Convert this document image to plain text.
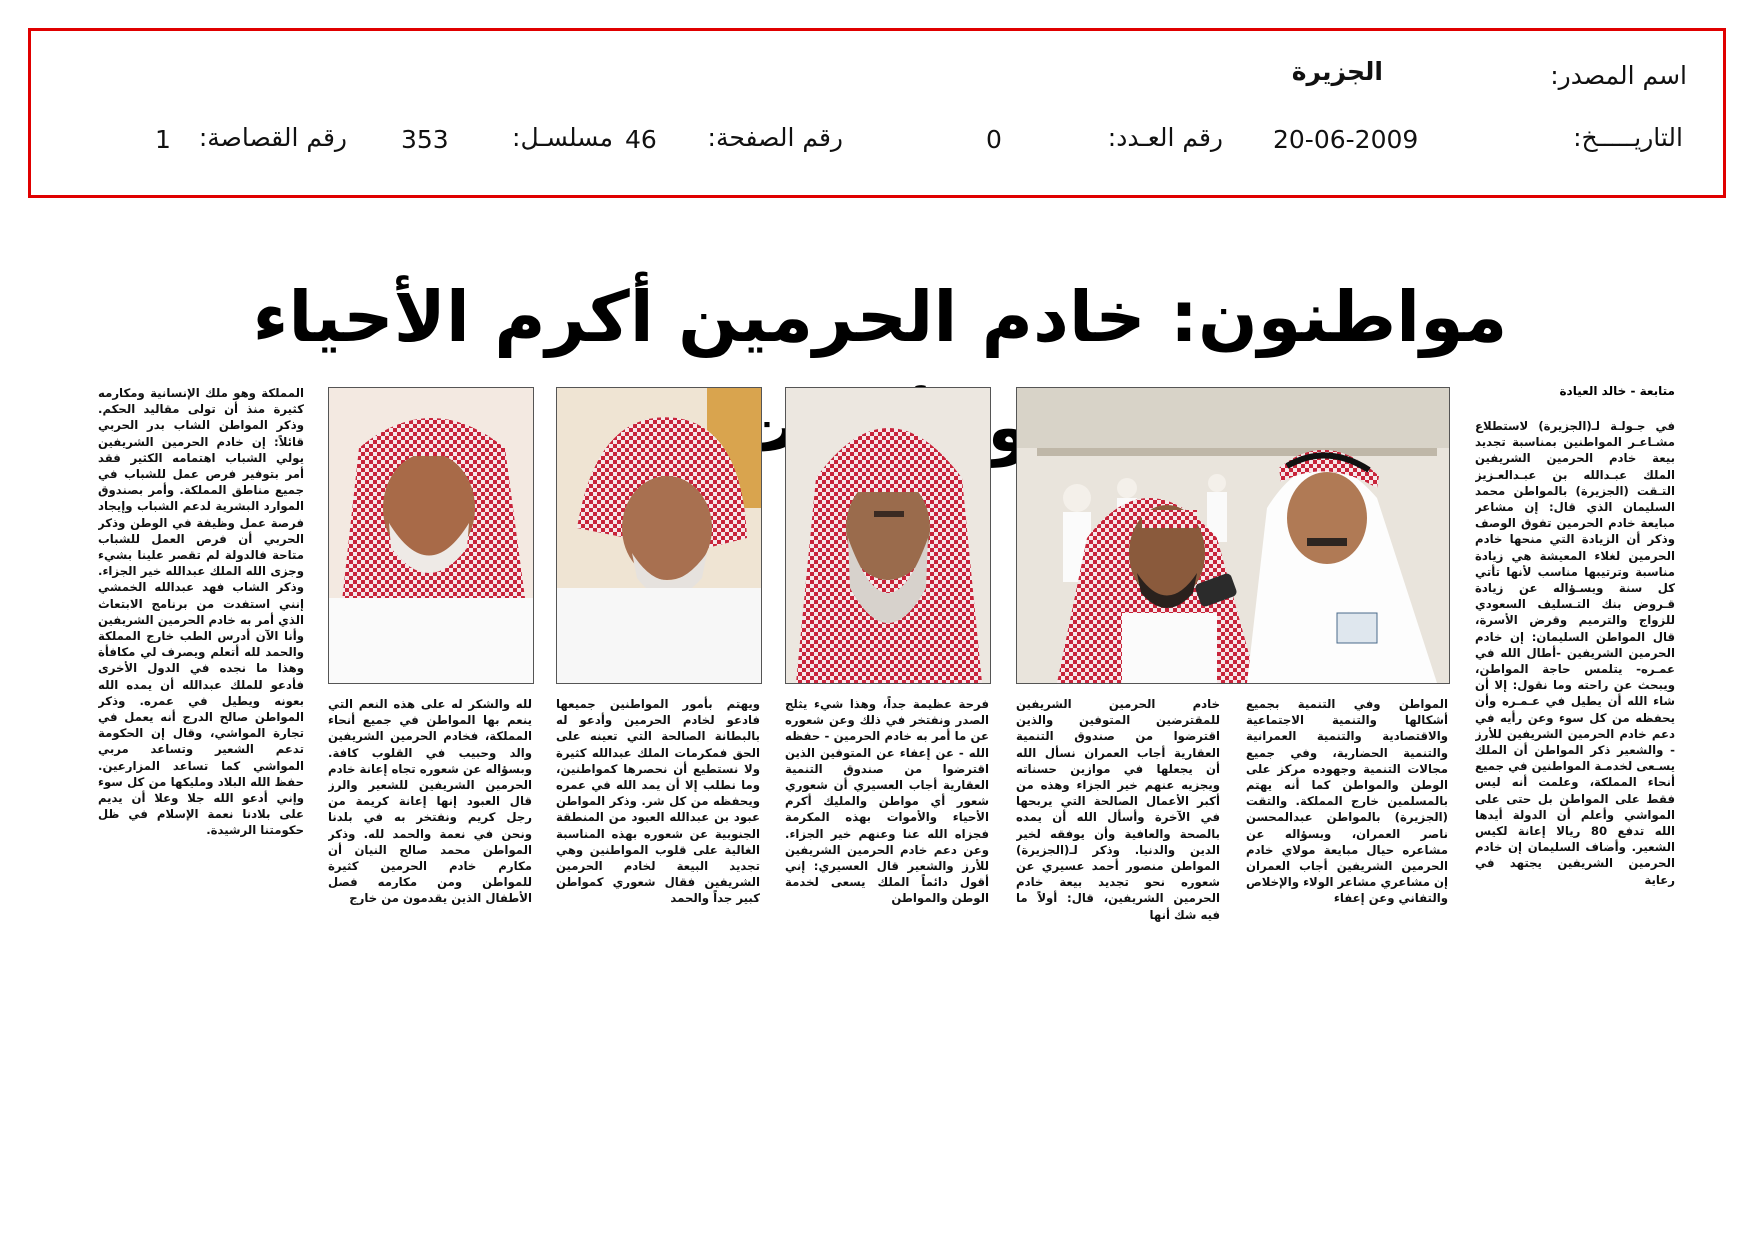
اسم المصدر:
الجزيرة
التاريـــــخ:
20-06-2009
رقم العـدد:
0
رقم الصفحة:
46
مسلسـل:
353
رقم القصاصة:
1
مواطنون: خادم الحرمين أكرم الأحياء
متابعة - خالد العيادة

في جـولـة لـ(الجزيرة) لاستطلاع مشـاعـر المواطنين بمناسبة تجديد بيعة خادم الحرمين الشريفين الملك عبـدالله بن عبـدالعـزيز التـقت (الجزيرة) بالمواطن محمد السليمان الذي قال: إن مشاعر مبايعة خادم الحرمين تفوق الوصف وذكر أن الزيادة التي منحها خادم الحرمين لغلاء المعيشة هي زيادة مناسبة وترتيبها مناسب لأنها تأتي كل سنة ويسـؤاله عن زيادة قـروض بنك التـسليف السعودي للزواج والترميم وقرض الأسرة، قال المواطن السليمان: إن خادم الحرمين الشريفين -أطال الله في عمـره- يتلمس حاجة المواطن، ويبحث عن راحته وما نقول: إلا أن شاء الله أن يطيل في عـمـره وأن يحفظه من كل سوء وعن رأيه في دعم خادم الحرمين الشريفين للأرز - والشعير ذكر المواطن أن الملك يسـعى لخدمـة المواطنين في جميع أنحاء المملكة، وعلمت أنه ليس فقط على المواطن بل حتى على المواشي وأعلم أن الدولة أيدها الله تدفع 80 ريالا إعانة لكيس الشعير. وأضاف السليمان إن خادم الحرمين الشريفين يجتهد في رعاية

المواطن وفي التنمية بجميع أشكالها والتنمية الاجتماعية والاقتصادية والتنمية العمرانية والتنمية الحضارية، وفي جميع مجالات التنمية وجهوده مركز على الوطن والمواطن كما أنه يهتم بالمسلمين خارج المملكة. والتقت (الجزيرة) بالمواطن عبدالمحسن ناصر العمران، وبسؤاله عن مشاعره حيال مبايعة مولاي خادم الحرمين الشريفين أجاب العمران إن مشاعري مشاعر الولاء والإخلاص والتفاني وعن إعفاء

خادم الحرمين الشريفين للمقترضين المتوفين والذين اقترضوا من صندوق التنمية العقارية أجاب العمران نسأل الله أن يجعلها في موازين حسناته ويجزيه عنهم خير الجزاء وهذه من أكبر الأعمال الصالحة التي يربحها في الآخرة وأسأل الله أن يمده بالصحة والعافية وأن يوفقه لخير الدين والدنيا. وذكر لـ(الجزيرة) المواطن منصور أحمد عسيري عن شعوره نحو تجديد بيعة خادم الحرمين الشريفين، قال: أولاً ما فيه شك أنها

فرحة عظيمة جداً، وهذا شيء يثلج الصدر ونفتخر في ذلك وعن شعوره عن ما أمر به خادم الحرمين - حفظه الله - عن إعفاء عن المتوفين الذين اقترضوا من صندوق التنمية العقارية أجاب العسيري أن شعوري شعور أي مواطن والمليك أكرم الأحياء والأموات بهذه المكرمة فجزاه الله عنا وعنهم خير الجزاء. وعن دعم خادم الحرمين الشريفين للأرز والشعير قال العسيري: إني أقول دائماً الملك يسعى لخدمة الوطن والمواطن

ويهتم بأمور المواطنين جميعها فادعو لخادم الحرمين وأدعو له بالبطانة الصالحة التي تعينه على الحق فمكرمات الملك عبدالله كثيرة ولا نستطيع أن نحصرها كمواطنين، وما نطلب إلا أن يمد الله في عمره ويحفظه من كل شر. وذكر المواطن عبود بن عبدالله العبود من المنطقة الجنوبية عن شعوره بهذه المناسبة الغالية على قلوب المواطنين وهي تجديد البيعة لخادم الحرمين الشريفين فقال شعوري كمواطن كبير جداً والحمد

لله والشكر له على هذه النعم التي ينعم بها المواطن في جميع أنحاء المملكة، فخادم الحرمين الشريفين والد وحبيب في القلوب كافة. وبسؤاله عن شعوره تجاه إعانة خادم الحرمين الشريفين للشعير والرز قال العبود إنها إعانة كريمة من رجل كريم ونفتخر به في بلدنا ونحن في نعمة والحمد لله. وذكر المواطن محمد صالح النيان أن مكارم خادم الحرمين كثيرة للمواطن ومن مكارمه فصل الأطفال الذين يقدمون من خارج

المملكة وهو ملك الإنسانية ومكارمه كثيرة منذ أن تولى مقاليد الحكم. وذكر المواطن الشاب بدر الحربي قائلاً: إن خادم الحرمين الشريفين يولي الشباب اهتمامه الكثير فقد أمر بتوفير فرص عمل للشباب في جميع مناطق المملكة. وأمر بصندوق الموارد البشرية لدعم الشباب وإيجاد فرصة عمل وظيفة في الوطن وذكر الحربي أن فرص العمل للشباب متاحة فالدولة لم تقصر علينا بشيء وجزى الله الملك عبدالله خير الجزاء. وذكر الشاب فهد عبدالله الخمشي إنني استفدت من برنامج الابتعاث الذي أمر به خادم الحرمين الشريفين وأنا الآن أدرس الطب خارج المملكة والحمد لله أتعلم ويصرف لي مكافأة وهذا ما نجده في الدول الأخرى فأدعو للملك عبدالله أن يمده الله بعونه ويطيل في عمره. وذكر المواطن صالح الدرج أنه يعمل في تجارة المواشي، وقال إن الحكومة تدعم الشعير وتساعد مربي المواشي كما تساعد المزارعين. حفظ الله البلاد ومليكها من كل سوء وإني أدعو الله جلا وعلا أن يديم على بلادنا نعمة الإسلام في ظل حكومتنا الرشيدة.
